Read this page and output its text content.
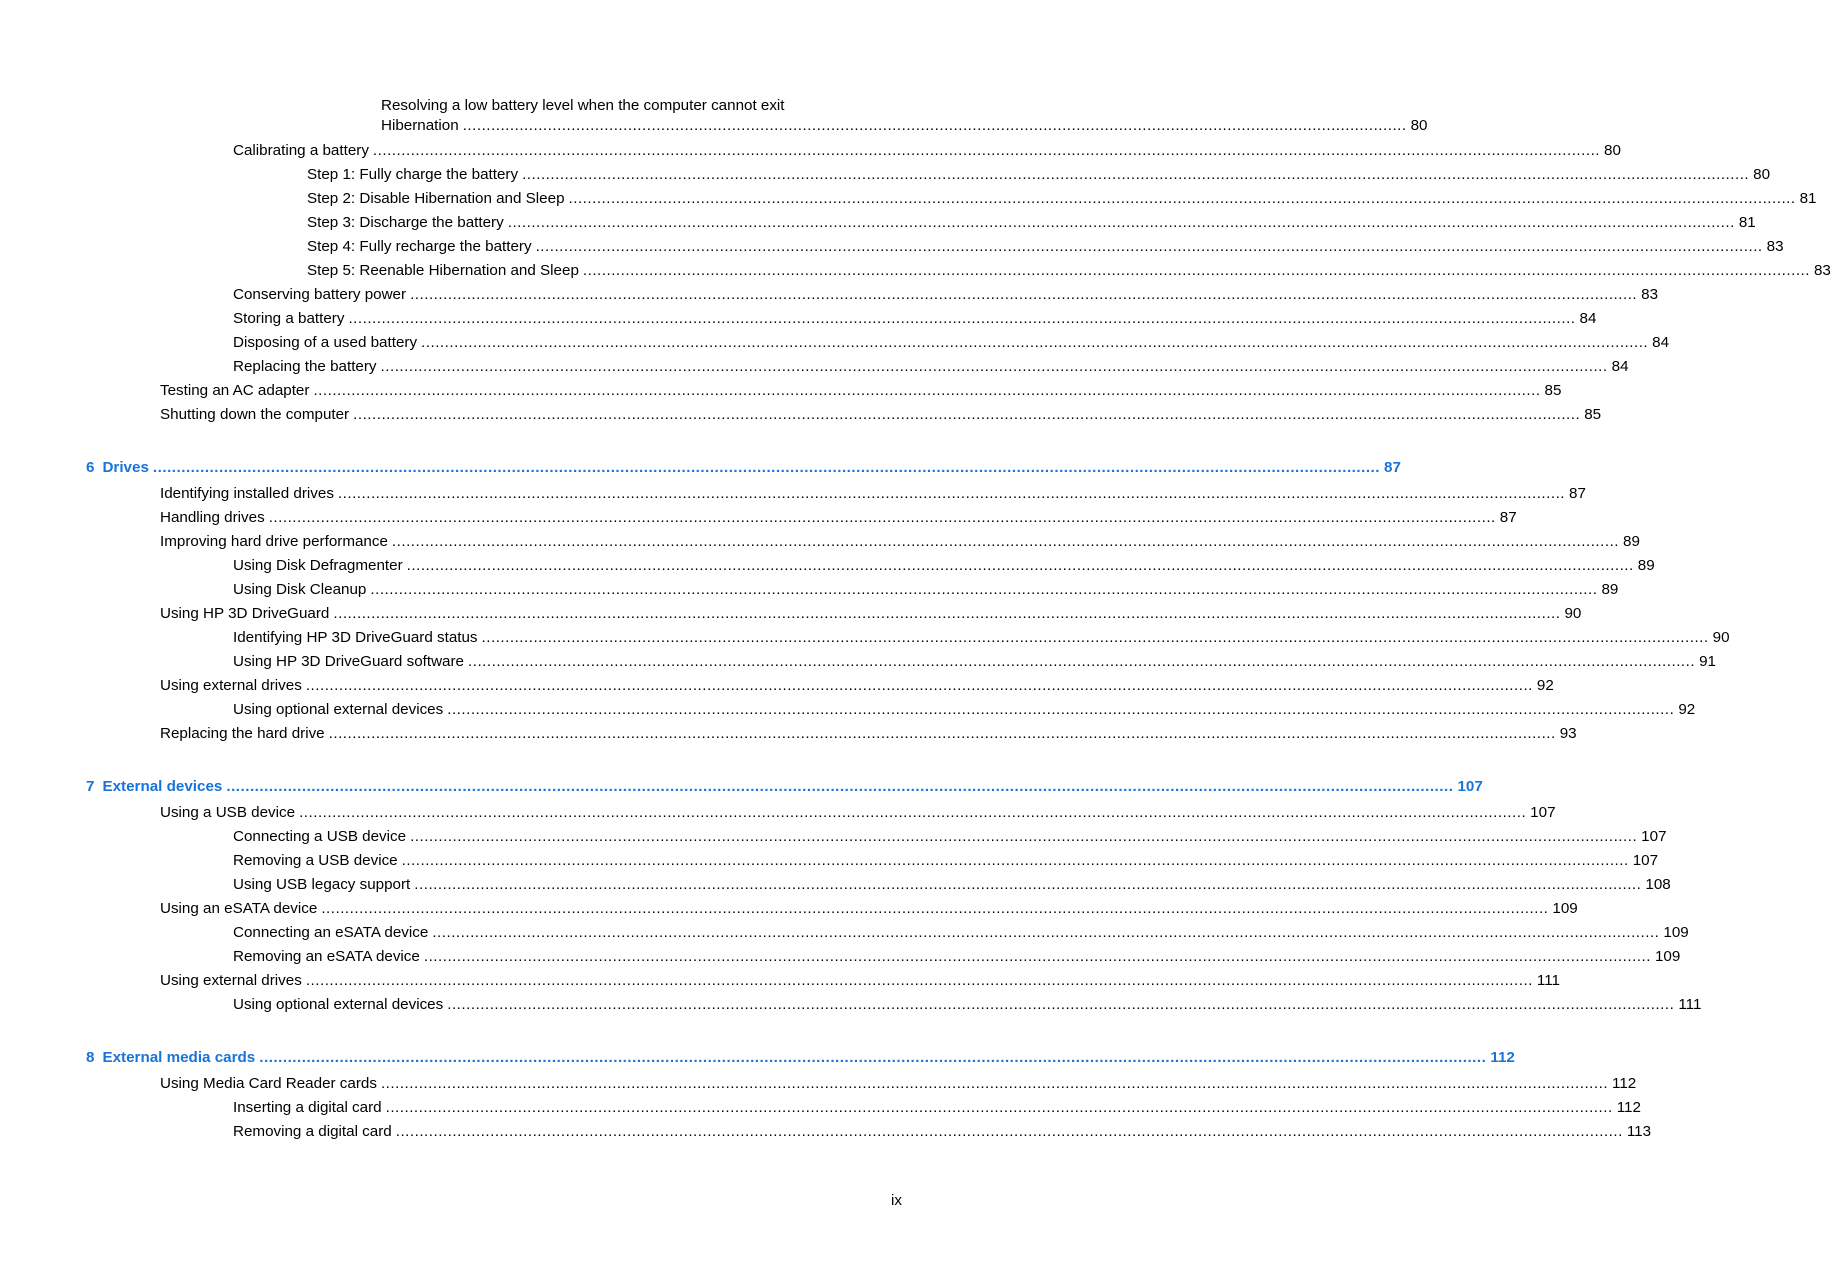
Resolving a low battery level when the computer cannot exit
Hibernation ........................................................................................................................................................................................................ 80
Calibrating a battery .................................................................................................................................................................................................................................................................... 80
Step 1: Fully charge the battery .................................................................................................................................................................................................................................................................... 80
Step 2: Disable Hibernation and Sleep .................................................................................................................................................................................................................................................................... 81
Step 3: Discharge the battery .................................................................................................................................................................................................................................................................... 81
Step 4: Fully recharge the battery .................................................................................................................................................................................................................................................................... 83
Step 5: Reenable Hibernation and Sleep .................................................................................................................................................................................................................................................................... 83
Conserving battery power .................................................................................................................................................................................................................................................................... 83
Storing a battery .................................................................................................................................................................................................................................................................... 84
Disposing of a used battery .................................................................................................................................................................................................................................................................... 84
Replacing the battery .................................................................................................................................................................................................................................................................... 84
Testing an AC adapter .................................................................................................................................................................................................................................................................... 85
Shutting down the computer .................................................................................................................................................................................................................................................................... 85
6 Drives .................................................................................................................................................................................................................................................................... 87
Identifying installed drives .................................................................................................................................................................................................................................................................... 87
Handling drives .................................................................................................................................................................................................................................................................... 87
Improving hard drive performance .................................................................................................................................................................................................................................................................... 89
Using Disk Defragmenter .................................................................................................................................................................................................................................................................... 89
Using Disk Cleanup .................................................................................................................................................................................................................................................................... 89
Using HP 3D DriveGuard .................................................................................................................................................................................................................................................................... 90
Identifying HP 3D DriveGuard status .................................................................................................................................................................................................................................................................... 90
Using HP 3D DriveGuard software .................................................................................................................................................................................................................................................................... 91
Using external drives .................................................................................................................................................................................................................................................................... 92
Using optional external devices .................................................................................................................................................................................................................................................................... 92
Replacing the hard drive .................................................................................................................................................................................................................................................................... 93
7 External devices .................................................................................................................................................................................................................................................................... 107
Using a USB device .................................................................................................................................................................................................................................................................... 107
Connecting a USB device .................................................................................................................................................................................................................................................................... 107
Removing a USB device .................................................................................................................................................................................................................................................................... 107
Using USB legacy support .................................................................................................................................................................................................................................................................... 108
Using an eSATA device .................................................................................................................................................................................................................................................................... 109
Connecting an eSATA device .................................................................................................................................................................................................................................................................... 109
Removing an eSATA device .................................................................................................................................................................................................................................................................... 109
Using external drives .................................................................................................................................................................................................................................................................... 111
Using optional external devices .................................................................................................................................................................................................................................................................... 111
8 External media cards .................................................................................................................................................................................................................................................................... 112
Using Media Card Reader cards .................................................................................................................................................................................................................................................................... 112
Inserting a digital card .................................................................................................................................................................................................................................................................... 112
Removing a digital card .................................................................................................................................................................................................................................................................... 113
ix
